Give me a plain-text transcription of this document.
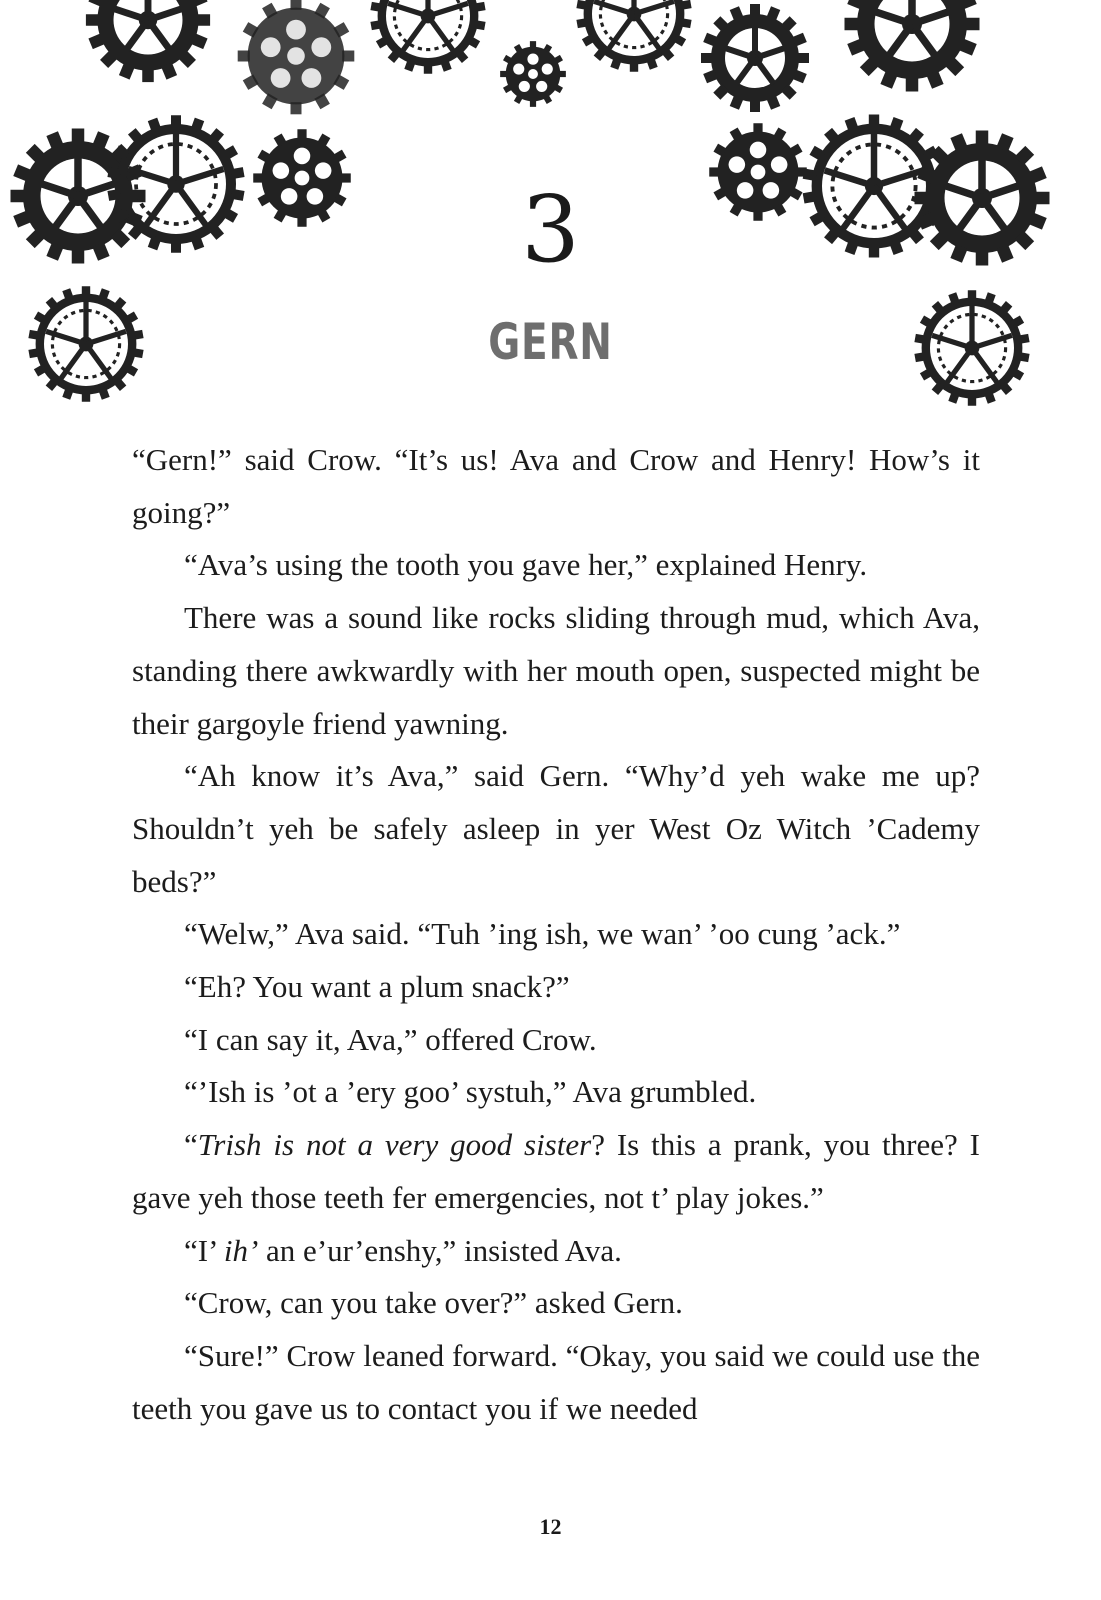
3
GERN

“Gern!” said Crow. “It’s us! Ava and Crow and Henry! How’s it going?”

“Ava’s using the tooth you gave her,” explained Henry.

There was a sound like rocks sliding through mud, which Ava, standing there awkwardly with her mouth open, suspected might be their gargoyle friend yawning.

“Ah know it’s Ava,” said Gern. “Why’d yeh wake me up? Shouldn’t yeh be safely asleep in yer West Oz Witch ’Cademy beds?”

“Welw,” Ava said. “Tuh ’ing ish, we wan’ ’oo cung ’ack.”

“Eh? You want a plum snack?”

“I can say it, Ava,” offered Crow.

“’Ish is ’ot a ’ery goo’ systuh,” Ava grumbled.

“Trish is not a very good sister? Is this a prank, you three? I gave yeh those teeth fer emergencies, not t’ play jokes.”

“I’ ih’ an e’ur’enshy,” insisted Ava.

“Crow, can you take over?” asked Gern.

“Sure!” Crow leaned forward. “Okay, you said we could use the teeth you gave us to contact you if we needed

12
